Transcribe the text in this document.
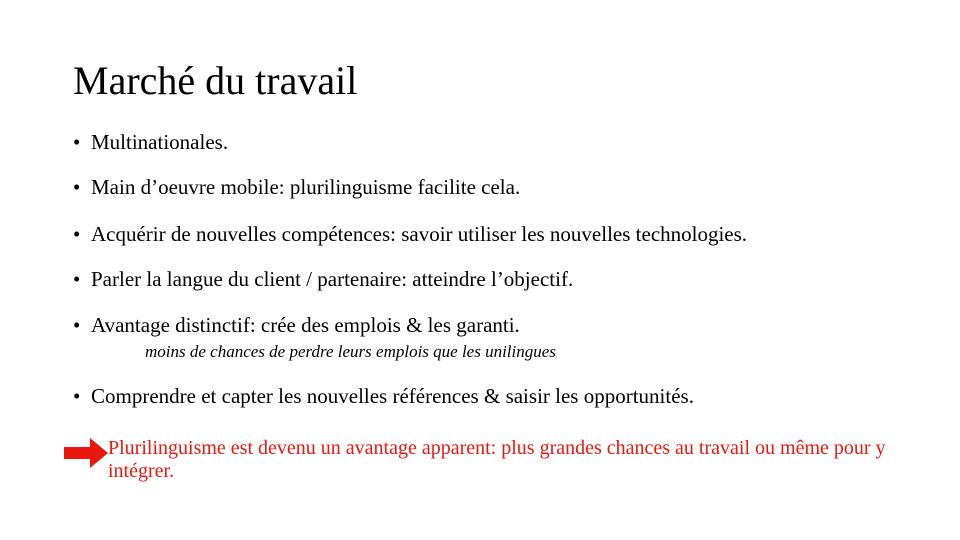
Marché du travail
• Multinationales.
• Main d’oeuvre mobile: plurilinguisme facilite cela.
• Acquérir de nouvelles compétences: savoir utiliser les nouvelles technologies.
• Parler la langue du client / partenaire: atteindre l’objectif.
• Avantage distinctif: crée des emplois & les garanti.
moins de chances de perdre leurs emplois que les unilingues
• Comprendre et capter les nouvelles références & saisir les opportunités.
Plurilinguisme est devenu un avantage apparent: plus grandes chances au travail ou même pour y intégrer.
